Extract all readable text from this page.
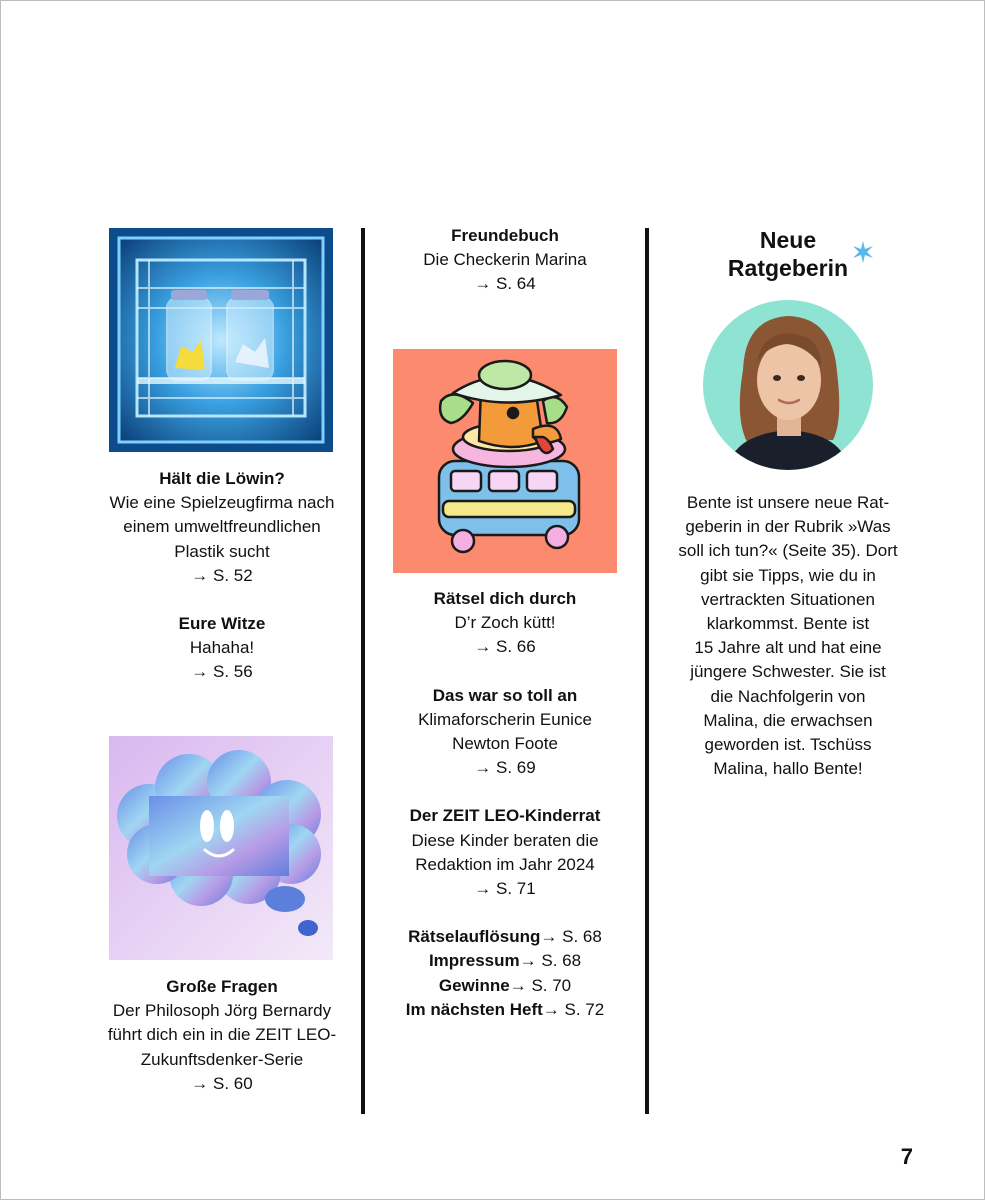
Hält die Löwin?

Wie eine Spielzeugfirma nach

einem umweltfreundlichen

Plastik sucht

→ S. 52

Eure Witze

Hahaha!

→ S. 56

Große Fragen

Der Philosoph Jörg Bernardy

führt dich ein in die ZEIT LEO-

Zukunftsdenker-Serie

→ S. 60

Freundebuch

Die Checkerin Marina

→ S. 64

Rätsel dich durch

D’r Zoch kütt!

→ S. 66

Das war so toll an

Klimaforscherin Eunice

Newton Foote

→ S. 69

Der ZEIT LEO-Kinderrat

Diese Kinder beraten die

Redaktion im Jahr 2024

→ S. 71

Rätselauflösung→ S. 68

Impressum→ S. 68

Gewinne→ S. 70

Im nächsten Heft→ S. 72

Neue

Ratgeberin

Bente ist unsere neue Rat-

geberin in der Rubrik »Was

soll ich tun?« (Seite 35). Dort

gibt sie Tipps, wie du in

vertrackten Situationen

klarkommst. Bente ist

15 Jahre alt und hat eine

jüngere Schwester. Sie ist

die Nachfolgerin von

Malina, die erwachsen

geworden ist. Tschüss

Malina, hallo Bente!

7
